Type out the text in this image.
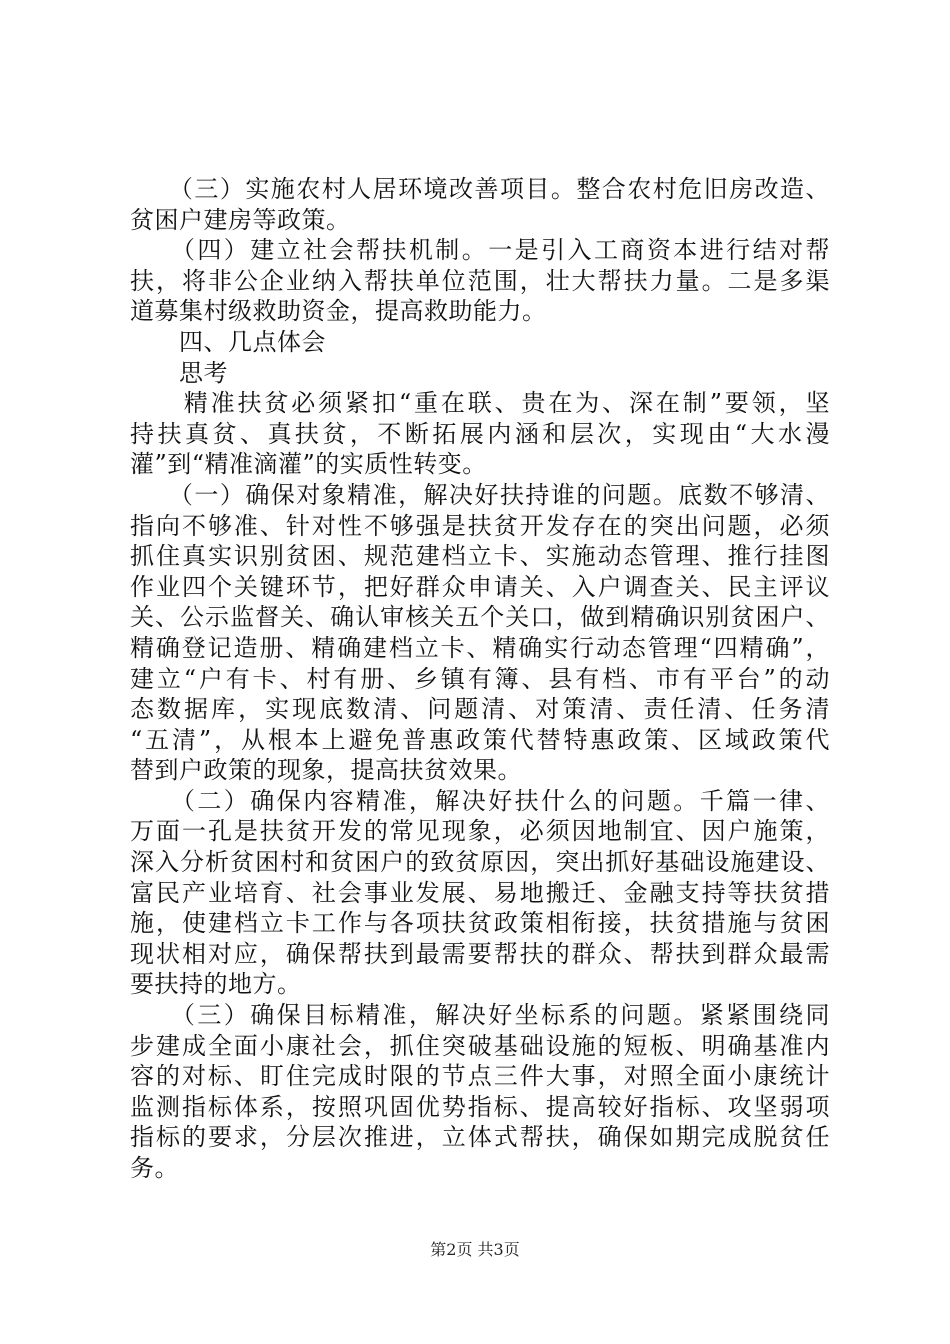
　　（三）实施农村人居环境改善项目。整合农村危旧房改造、
贫困户建房等政策。
　　（四）建立社会帮扶机制。一是引入工商资本进行结对帮
扶，将非公企业纳入帮扶单位范围，壮大帮扶力量。二是多渠
道募集村级救助资金，提高救助能力。
　　四、几点体会
　　思考
　　精准扶贫必须紧扣“重在联、贵在为、深在制”要领，坚
持扶真贫、真扶贫，不断拓展内涵和层次，实现由“大水漫
灌”到“精准滴灌”的实质性转变。
　　（一）确保对象精准，解决好扶持谁的问题。底数不够清、
指向不够准、针对性不够强是扶贫开发存在的突出问题，必须
抓住真实识别贫困、规范建档立卡、实施动态管理、推行挂图
作业四个关键环节，把好群众申请关、入户调查关、民主评议
关、公示监督关、确认审核关五个关口，做到精确识别贫困户、
精确登记造册、精确建档立卡、精确实行动态管理“四精确”，
建立“户有卡、村有册、乡镇有簿、县有档、市有平台”的动
态数据库，实现底数清、问题清、对策清、责任清、任务清
“五清”，从根本上避免普惠政策代替特惠政策、区域政策代
替到户政策的现象，提高扶贫效果。
　　（二）确保内容精准，解决好扶什么的问题。千篇一律、
万面一孔是扶贫开发的常见现象，必须因地制宜、因户施策，
深入分析贫困村和贫困户的致贫原因，突出抓好基础设施建设、
富民产业培育、社会事业发展、易地搬迁、金融支持等扶贫措
施，使建档立卡工作与各项扶贫政策相衔接，扶贫措施与贫困
现状相对应，确保帮扶到最需要帮扶的群众、帮扶到群众最需
要扶持的地方。
　　（三）确保目标精准，解决好坐标系的问题。紧紧围绕同
步建成全面小康社会，抓住突破基础设施的短板、明确基准内
容的对标、盯住完成时限的节点三件大事，对照全面小康统计
监测指标体系，按照巩固优势指标、提高较好指标、攻坚弱项
指标的要求，分层次推进，立体式帮扶，确保如期完成脱贫任
务。
第2页 共3页
